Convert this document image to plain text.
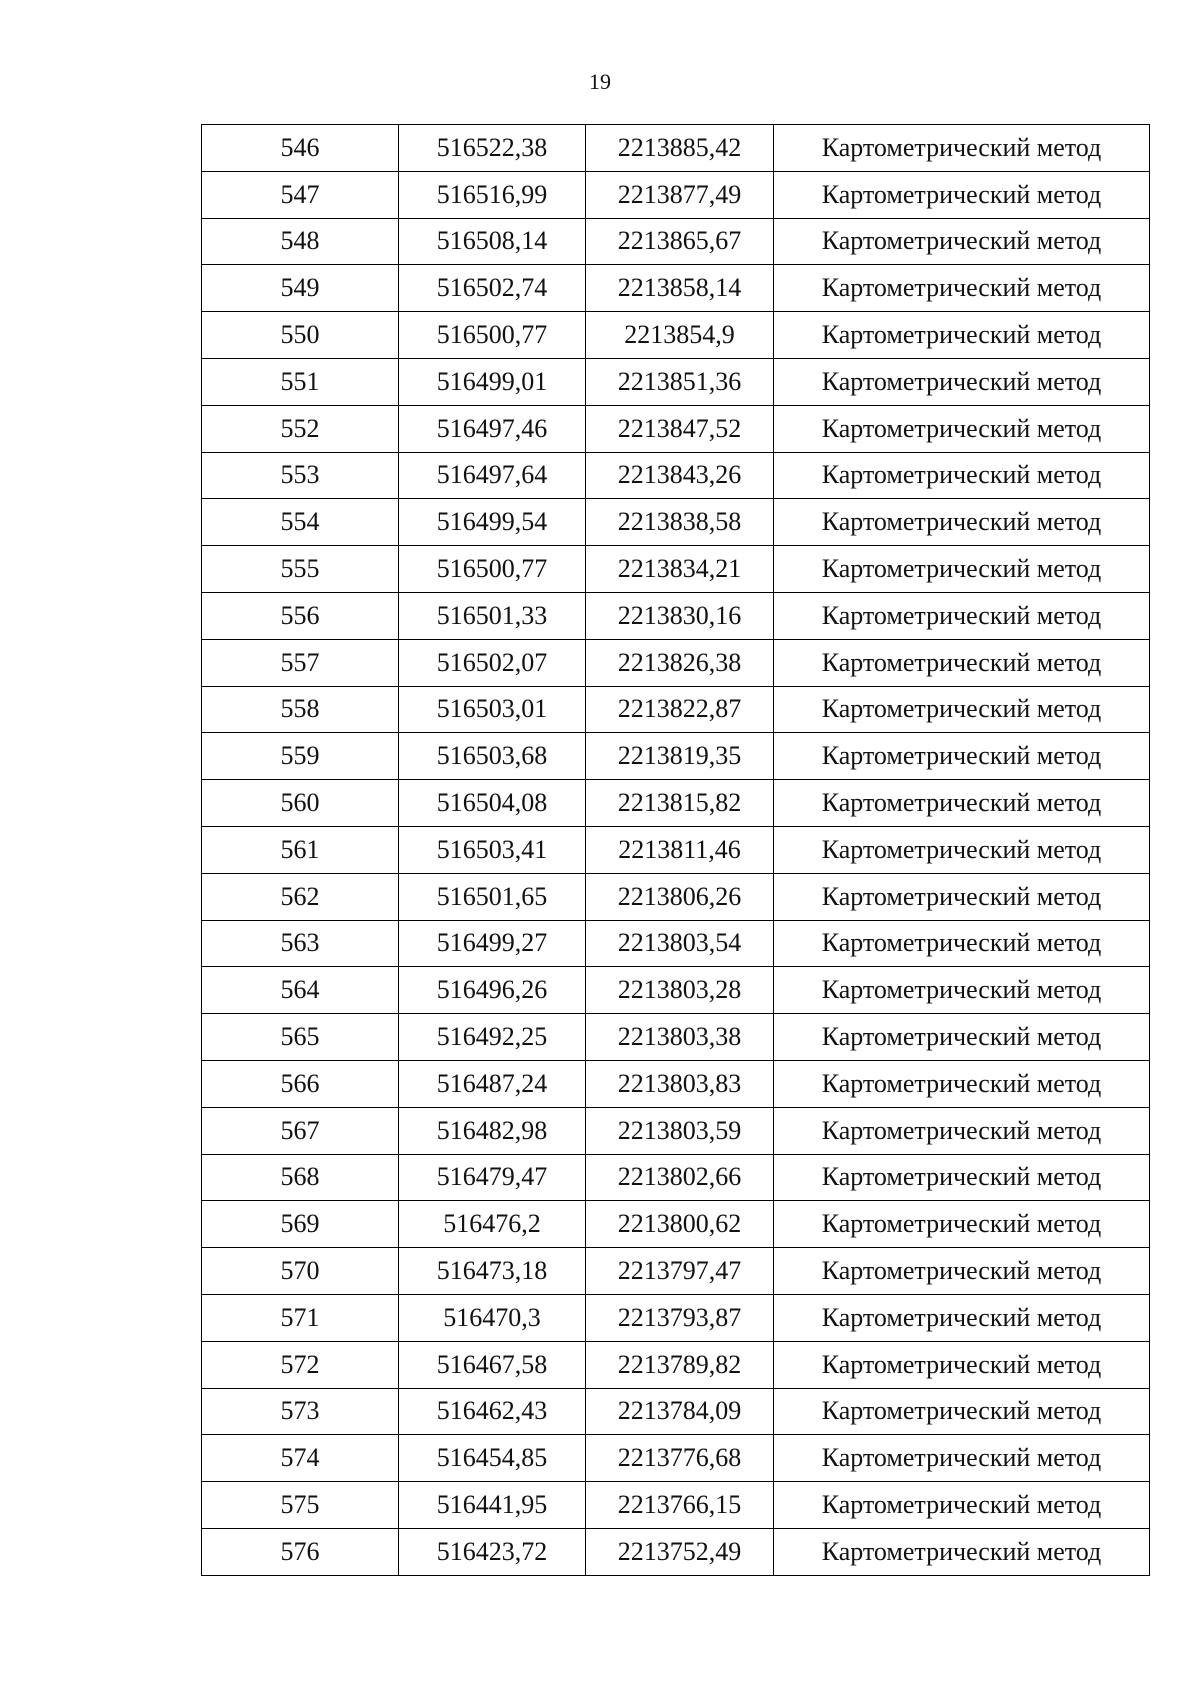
19
546	516522,38	2213885,42	Картометрический метод
547	516516,99	2213877,49	Картометрический метод
548	516508,14	2213865,67	Картометрический метод
549	516502,74	2213858,14	Картометрический метод
550	516500,77	2213854,9	Картометрический метод
551	516499,01	2213851,36	Картометрический метод
552	516497,46	2213847,52	Картометрический метод
553	516497,64	2213843,26	Картометрический метод
554	516499,54	2213838,58	Картометрический метод
555	516500,77	2213834,21	Картометрический метод
556	516501,33	2213830,16	Картометрический метод
557	516502,07	2213826,38	Картометрический метод
558	516503,01	2213822,87	Картометрический метод
559	516503,68	2213819,35	Картометрический метод
560	516504,08	2213815,82	Картометрический метод
561	516503,41	2213811,46	Картометрический метод
562	516501,65	2213806,26	Картометрический метод
563	516499,27	2213803,54	Картометрический метод
564	516496,26	2213803,28	Картометрический метод
565	516492,25	2213803,38	Картометрический метод
566	516487,24	2213803,83	Картометрический метод
567	516482,98	2213803,59	Картометрический метод
568	516479,47	2213802,66	Картометрический метод
569	516476,2	2213800,62	Картометрический метод
570	516473,18	2213797,47	Картометрический метод
571	516470,3	2213793,87	Картометрический метод
572	516467,58	2213789,82	Картометрический метод
573	516462,43	2213784,09	Картометрический метод
574	516454,85	2213776,68	Картометрический метод
575	516441,95	2213766,15	Картометрический метод
576	516423,72	2213752,49	Картометрический метод
